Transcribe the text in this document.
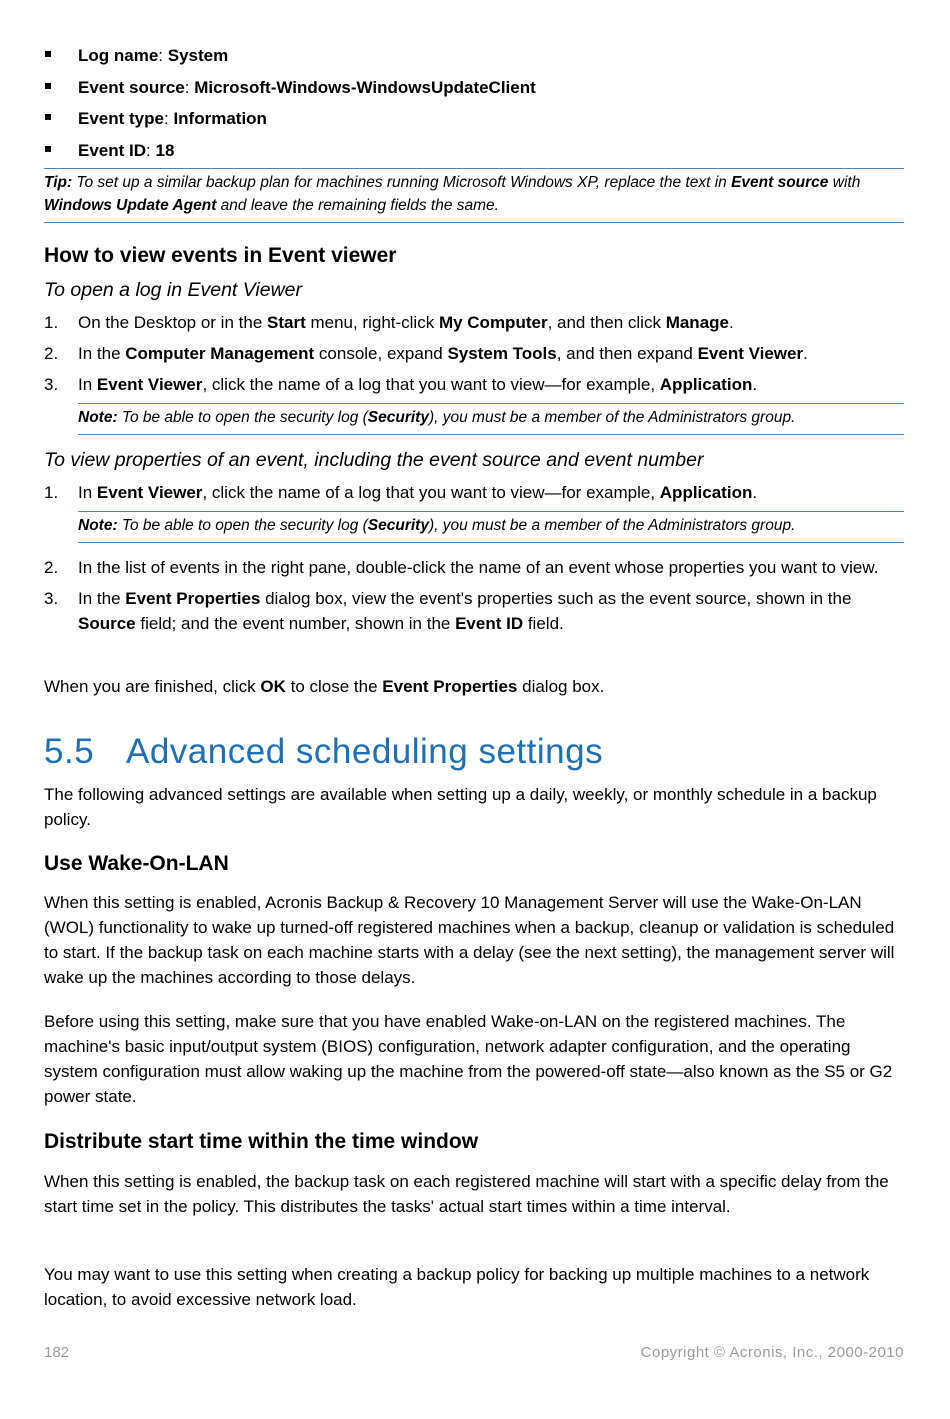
Log name: System
Event source: Microsoft-Windows-WindowsUpdateClient
Event type: Information
Event ID: 18
Tip: To set up a similar backup plan for machines running Microsoft Windows XP, replace the text in Event source with Windows Update Agent and leave the remaining fields the same.
How to view events in Event viewer
To open a log in Event Viewer
1. On the Desktop or in the Start menu, right-click My Computer, and then click Manage.
2. In the Computer Management console, expand System Tools, and then expand Event Viewer.
3. In Event Viewer, click the name of a log that you want to view—for example, Application.
Note: To be able to open the security log (Security), you must be a member of the Administrators group.
To view properties of an event, including the event source and event number
1. In Event Viewer, click the name of a log that you want to view—for example, Application.
Note: To be able to open the security log (Security), you must be a member of the Administrators group.
2. In the list of events in the right pane, double-click the name of an event whose properties you want to view.
3. In the Event Properties dialog box, view the event's properties such as the event source, shown in the Source field; and the event number, shown in the Event ID field.
When you are finished, click OK to close the Event Properties dialog box.
5.5 Advanced scheduling settings
The following advanced settings are available when setting up a daily, weekly, or monthly schedule in a backup policy.
Use Wake-On-LAN
When this setting is enabled, Acronis Backup & Recovery 10 Management Server will use the Wake-On-LAN (WOL) functionality to wake up turned-off registered machines when a backup, cleanup or validation is scheduled to start. If the backup task on each machine starts with a delay (see the next setting), the management server will wake up the machines according to those delays.
Before using this setting, make sure that you have enabled Wake-on-LAN on the registered machines. The machine's basic input/output system (BIOS) configuration, network adapter configuration, and the operating system configuration must allow waking up the machine from the powered-off state—also known as the S5 or G2 power state.
Distribute start time within the time window
When this setting is enabled, the backup task on each registered machine will start with a specific delay from the start time set in the policy. This distributes the tasks' actual start times within a time interval.
You may want to use this setting when creating a backup policy for backing up multiple machines to a network location, to avoid excessive network load.
182	Copyright © Acronis, Inc., 2000-2010
